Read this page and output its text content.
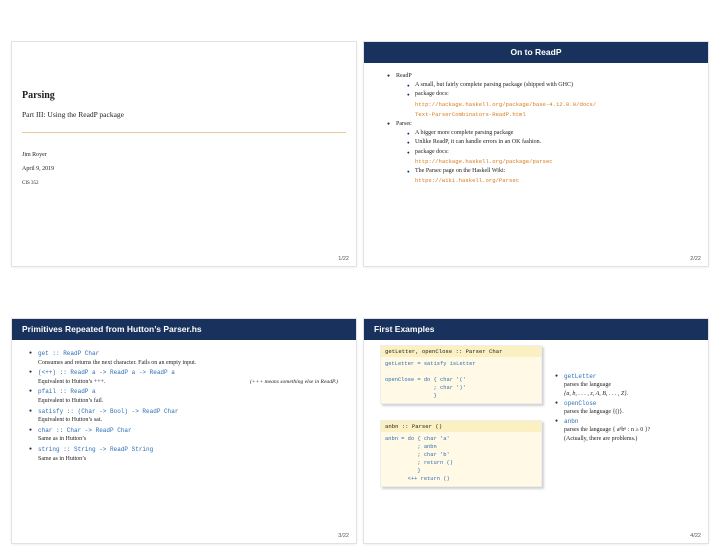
Parsing
Part III: Using the ReadP package
Jim Royer
April 9, 2019
CIS 352
1/22
On to ReadP
● ReadP
● A small, but fairly complete parsing package (shipped with GHC)
● package docs:
http://hackage.haskell.org/package/base-4.12.0.0/docs/
Text-ParserCombinators-ReadP.html
● Parsec
● A bigger more complete parsing package
● Unlike ReadP, it can handle errors in an OK fashion.
● package docs:
http://hackage.haskell.org/package/parsec
● The Parsec page on the Haskell Wiki:
https://wiki.haskell.org/Parsec
2/22
Primitives Repeated from Hutton’s Parser.hs
● get :: ReadP Char
Consumes and returns the next character. Fails on an empty input.
● (<++) :: ReadP a -> ReadP a -> ReadP a
Equivalent to Hutton’s +++.	(+++ means something else in ReadP.)
● pfail :: ReadP a
Equivalent to Hutton’s fail.
● satisfy :: (Char -> Bool) -> ReadP Char
Equivalent to Hutton’s sat.
● char :: Char -> ReadP Char
Same as in Hutton’s
● string :: String -> ReadP String
Same as in Hutton’s
3/22
First Examples
getLetter, openClose :: Parser Char
getLetter = satisfy isLetter

openClose = do { char '('
; char ')'
}
anbn :: Parser ()
anbn = do { char 'a'
; anbn
; char 'b'
; return ()
}
<++ return ()
● getLetter
parses the language
{a, b, . . . , z, A, B, . . . , Z}.
● openClose
parses the language {()}.
● anbn
parses the language { aⁿbⁿ : n ≥ 0 }?
(Actually, there are problems.)
4/22
